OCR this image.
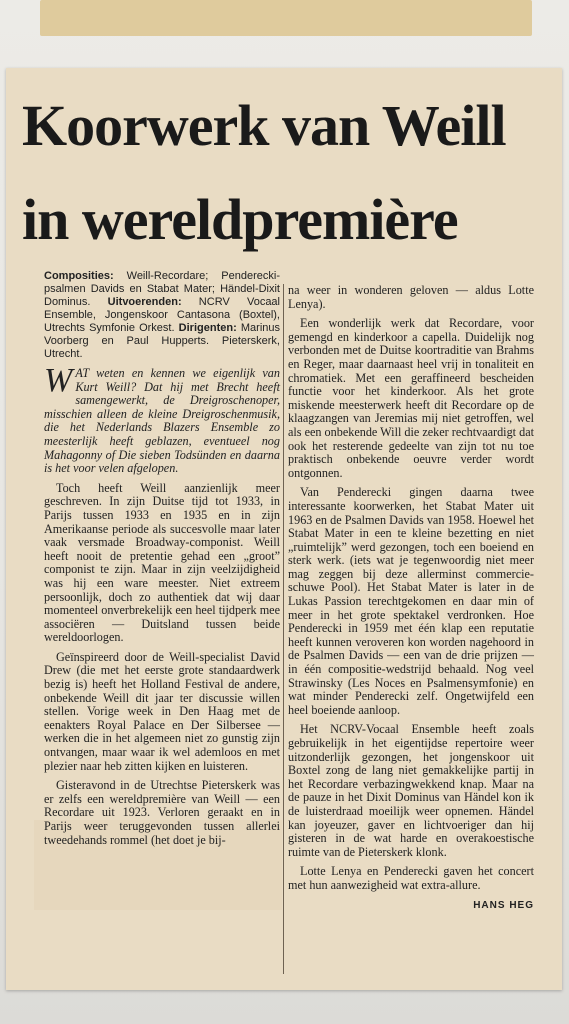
Koorwerk van Weill
in wereldpremière
Composities: Weill-Recordare; Penderecki-psalmen Davids en Stabat Mater; Händel-Dixit Dominus. Uitvoerenden: NCRV Vocaal Ensemble, Jongenskoor Cantasona (Boxtel), Utrechts Symfonie Orkest. Dirigenten: Marinus Voorberg en Paul Hupperts. Pieterskerk, Utrecht.

WAT weten en kennen we eigenlijk van Kurt Weill? Dat hij met Brecht heeft samengewerkt, de Dreigroschenoper, misschien alleen de kleine Dreigroschenmusik, die het Nederlands Blazers Ensemble zo meesterlijk heeft geblazen, eventueel nog Mahagonny of Die sieben Todsünden en daarna is het voor velen afgelopen.

Toch heeft Weill aanzienlijk meer geschreven. In zijn Duitse tijd tot 1933, in Parijs tussen 1933 en 1935 en in zijn Amerikaanse periode als succesvolle maar later vaak versmade Broadway-componist. Weill heeft nooit de pretentie gehad een „groot” componist te zijn. Maar in zijn veelzijdigheid was hij een ware meester. Niet extreem persoonlijk, doch zo authentiek dat wij daar momenteel onverbrekelijk een heel tijdperk mee associëren — Duitsland tussen beide wereldoorlogen.

Geïnspireerd door de Weill-specialist David Drew (die met het eerste grote standaardwerk bezig is) heeft het Holland Festival de andere, onbekende Weill dit jaar ter discussie willen stellen. Vorige week in Den Haag met de eenakters Royal Palace en Der Silbersee — werken die in het algemeen niet zo gunstig zijn ontvangen, maar waar ik wel ademloos en met plezier naar heb zitten kijken en luisteren.

Gisteravond in de Utrechtse Pieterskerk was er zelfs een wereldpremière van Weill — een Recordare uit 1923. Verloren geraakt en in Parijs weer teruggevonden tussen allerlei tweedehands rommel (het doet je bij-

na weer in wonderen geloven — aldus Lotte Lenya).

Een wonderlijk werk dat Recordare, voor gemengd en kinderkoor a capella. Duidelijk nog verbonden met de Duitse koortraditie van Brahms en Reger, maar daarnaast heel vrij in tonaliteit en chromatiek. Met een geraffineerd bescheiden functie voor het kinderkoor. Als het grote miskende meesterwerk heeft dit Recordare op de klaagzangen van Jeremias mij niet getroffen, wel als een onbekende Will die zeker rechtvaardigt dat ook het resterende gedeelte van zijn tot nu toe praktisch onbekende oeuvre verder wordt ontgonnen.

Van Penderecki gingen daarna twee interessante koorwerken, het Stabat Mater uit 1963 en de Psalmen Davids van 1958. Hoewel het Stabat Mater in een te kleine bezetting en niet „ruimtelijk” werd gezongen, toch een boeiend en sterk werk. (iets wat je tegenwoordig niet meer mag zeggen bij deze allerminst commercie-schuwe Pool). Het Stabat Mater is later in de Lukas Passion terechtgekomen en daar min of meer in het grote spektakel verdronken. Hoe Penderecki in 1959 met één klap een reputatie heeft kunnen veroveren kon worden nagehoord in de Psalmen Davids — een van de drie prijzen — in één compositie-wedstrijd behaald. Nog veel Strawinsky (Les Noces en Psalmensymfonie) en wat minder Penderecki zelf. Ongetwijfeld een heel boeiende aanloop.

Het NCRV-Vocaal Ensemble heeft zoals gebruikelijk in het eigentijdse repertoire weer uitzonderlijk gezongen, het jongenskoor uit Boxtel zong de lang niet gemakkelijke partij in het Recordare verbazingwekkend knap. Maar na de pauze in het Dixit Dominus van Händel kon ik de luisterdraad moeilijk weer opnemen. Händel kan joyeuzer, gaver en lichtvoeriger dan hij gisteren in de wat harde en overakoestische ruimte van de Pieterskerk klonk.

Lotte Lenya en Penderecki gaven het concert met hun aanwezigheid wat extra-allure.

HANS HEG
